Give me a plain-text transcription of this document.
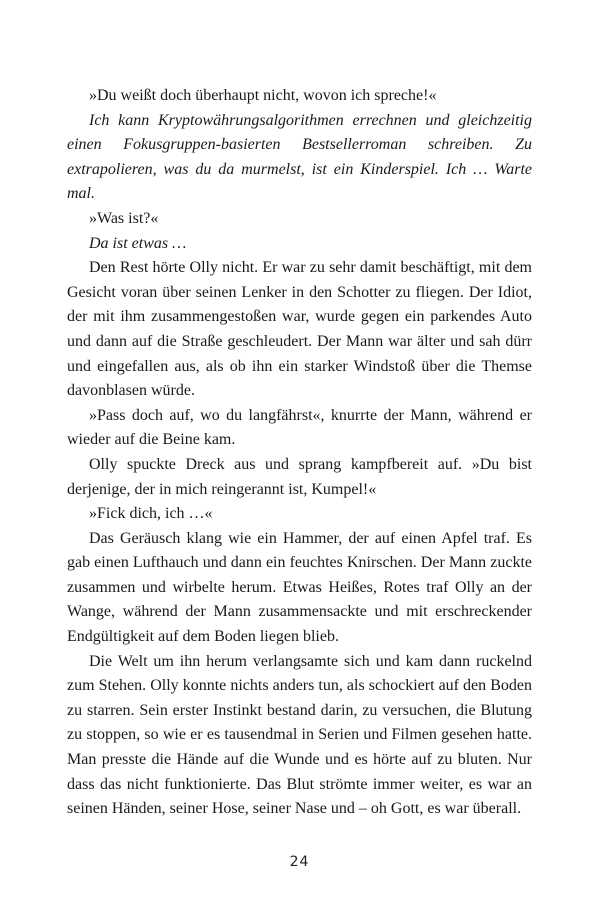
»Du weißt doch überhaupt nicht, wovon ich spreche!«

Ich kann Kryptowährungsalgorithmen errechnen und gleichzeitig einen Fokusgruppen-basierten Bestsellerroman schreiben. Zu extrapolieren, was du da murmelst, ist ein Kinderspiel. Ich … Warte mal.

»Was ist?«

Da ist etwas …

Den Rest hörte Olly nicht. Er war zu sehr damit beschäftigt, mit dem Gesicht voran über seinen Lenker in den Schotter zu fliegen. Der Idiot, der mit ihm zusammengestoßen war, wurde gegen ein parkendes Auto und dann auf die Straße geschleudert. Der Mann war älter und sah dürr und eingefallen aus, als ob ihn ein starker Windstoß über die Themse davonblasen würde.

»Pass doch auf, wo du langfährst«, knurrte der Mann, während er wieder auf die Beine kam.

Olly spuckte Dreck aus und sprang kampfbereit auf. »Du bist derjenige, der in mich reingerannt ist, Kumpel!«

»Fick dich, ich …«

Das Geräusch klang wie ein Hammer, der auf einen Apfel traf. Es gab einen Lufthauch und dann ein feuchtes Knirschen. Der Mann zuckte zusammen und wirbelte herum. Etwas Heißes, Rotes traf Olly an der Wange, während der Mann zusammensackte und mit erschreckender Endgültigkeit auf dem Boden liegen blieb.

Die Welt um ihn herum verlangsamte sich und kam dann ruckelnd zum Stehen. Olly konnte nichts anders tun, als schockiert auf den Boden zu starren. Sein erster Instinkt bestand darin, zu versuchen, die Blutung zu stoppen, so wie er es tausendmal in Serien und Filmen gesehen hatte. Man presste die Hände auf die Wunde und es hörte auf zu bluten. Nur dass das nicht funktionierte. Das Blut strömte immer weiter, es war an seinen Händen, seiner Hose, seiner Nase und – oh Gott, es war überall.

24
